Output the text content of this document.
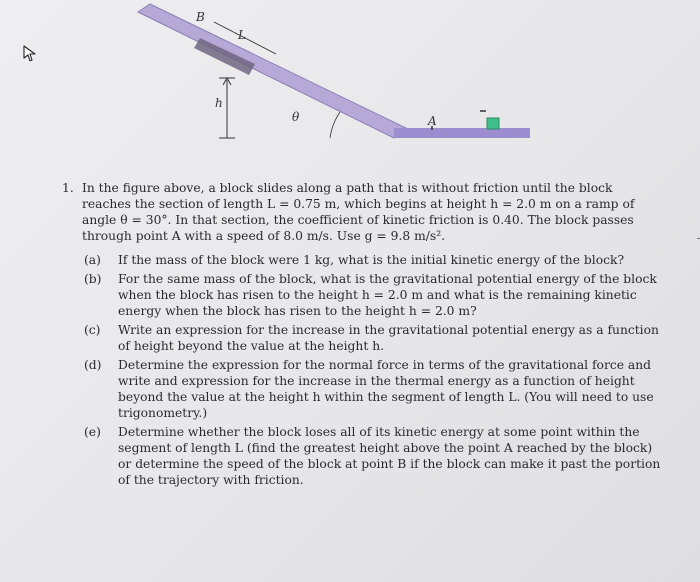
B
L
h
θ	A
1. In the figure above, a block slides along a path that is without friction until the block reaches the section of length L = 0.75 m, which begins at height h = 2.0 m on a ramp of angle θ = 30°. In that section, the coefficient of kinetic friction is 0.40. The block passes through point A with a speed of 8.0 m/s. Use g = 9.8 m/s².
(a) If the mass of the block were 1 kg, what is the initial kinetic energy of the block?
(b) For the same mass of the block, what is the gravitational potential energy of the block when the block has risen to the height h = 2.0 m and what is the remaining kinetic energy when the block has risen to the height h = 2.0 m?
(c) Write an expression for the increase in the gravitational potential energy as a function of height beyond the value at the height h.
(d) Determine the expression for the normal force in terms of the gravitational force and write and expression for the increase in the thermal energy as a function of height beyond the value at the height h within the segment of length L. (You will need to use trigonometry.)
(e) Determine whether the block loses all of its kinetic energy at some point within the segment of length L (find the greatest height above the point A reached by the block) or determine the speed of the block at point B if the block can make it past the portion of the trajectory with friction.
